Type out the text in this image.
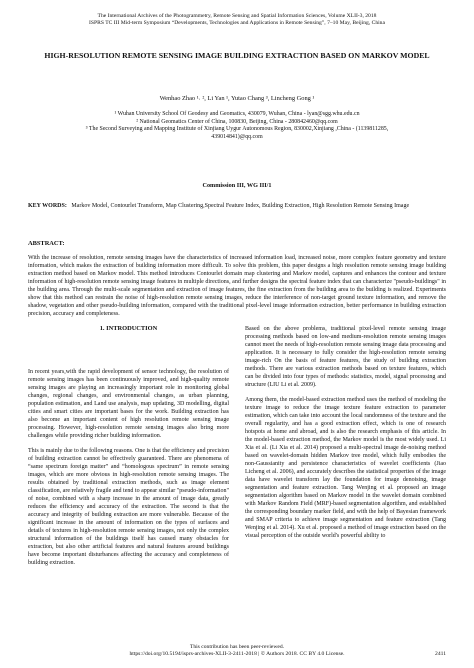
The International Archives of the Photogrammetry, Remote Sensing and Spatial Information Sciences, Volume XLII-3, 2018
ISPRS TC III Mid-term Symposium “Developments, Technologies and Applications in Remote Sensing”, 7–10 May, Beijing, China
HIGH-RESOLUTION REMOTE SENSING IMAGE BUILDING EXTRACTION BASED ON MARKOV MODEL
Wenhao Zhao ¹˒ ², Li Yan ¹, Yutao Chang ³, Lincheng Gong ¹
¹ Wuhan University School Of Geodesy and Geomatics, 430079, Wuhan, China - lyan@sgg.whu.edu.cn
² National Geomatics Center of China, 100830, Beijing, China - 280842460@qq.com
³ The Second Surveying and Mapping Institute of Xinjiang Uygur Autonomous Region, 830002,Xinjiang ,China - (1139811285, 439014841)@qq.com
Commission III, WG III/1
KEY WORDS: Markov Model, Contourlet Transform, Map Clustering,Spectral Feature Index, Building Extraction, High Resolution Remote Sensing Image
ABSTRACT:
With the increase of resolution, remote sensing images have the characteristics of increased information load, increased noise, more complex feature geometry and texture information, which makes the extraction of building information more difficult. To solve this problem, this paper designs a high resolution remote sensing image building extraction method based on Markov model. This method introduces Contourlet domain map clustering and Markov model, captures and enhances the contour and texture information of high-resolution remote sensing image features in multiple directions, and further designs the spectral feature index that can characterize "pseudo-buildings" in the building area. Through the multi-scale segmentation and extraction of image features, the fine extraction from the building area to the building is realized. Experiments show that this method can restrain the noise of high-resolution remote sensing images, reduce the interference of non-target ground texture information, and remove the shadow, vegetation and other pseudo-building information, compared with the traditional pixel-level image information extraction, better performance in building extraction precision, accuracy and completeness.
1. INTRODUCTION

In recent years,with the rapid development of sensor technology, the resolution of remote sensing images has been continuously improved, and high-quality remote sensing images are playing an increasingly important role in monitoring global changes, regional changes, and environmental changes, as urban planning, population estimation, and Land use analysis, map updating, 3D modelling, digital cities and smart cities are important bases for the work. Building extraction has also become an important content of high resolution remote sensing image processing. However, high-resolution remote sensing images also bring more challenges while providing richer building information.

This is mainly due to the following reasons. One is that the efficiency and precision of building extraction cannot be effectively guaranteed. There are phenomena of “same spectrum foreign matter” and “homologous spectrum” in remote sensing images, which are more obvious in high-resolution remote sensing images. The results obtained by traditional extraction methods, such as image element classification, are relatively fragile and tend to appear similar "pseudo-information" of noise, combined with a sharp increase in the amount of image data, greatly reduces the efficiency and accuracy of the extraction. The second is that the accuracy and integrity of building extraction are more vulnerable. Because of the significant increase in the amount of information on the types of surfaces and details of textures in high-resolution remote sensing images, not only the complex structural information of the buildings itself has caused many obstacles for extraction, but also other artificial features and natural features around buildings have become important disturbances affecting the accuracy and completeness of building extraction.

Based on the above problems, traditional pixel-level remote sensing image processing methods based on low-and medium-resolution remote sensing images cannot meet the needs of high-resolution remote sensing image data processing and application. It is necessary to fully consider the high-resolution remote sensing image-rich On the basis of feature features, the study of building extraction methods. There are various extraction methods based on texture features, which can be divided into four types of methods: statistics, model, signal processing and structure (LIU Li et al. 2009).

Among them, the model-based extraction method uses the method of modeling the texture image to reduce the image texture feature extraction to parameter estimation, which can take into account the local randomness of the texture and the overall regularity, and has a good extraction effect, which is one of research hotspots at home and abroad, and is also the research emphasis of this article. In the model-based extraction method, the Markov model is the most widely used. Li Xia et al. (Li Xia et al. 2014) proposed a multi-spectral image de-noising method based on wavelet-domain hidden Markov tree model, which fully embodies the non-Gaussianity and persistence characteristics of wavelet coefficients (Jiao Licheng et al. 2006), and accurately describes the statistical properties of the image data have wavelet transform lay the foundation for image denoising, image segmentation and feature extraction. Tang Wenjing et al. proposed an image segmentation algorithm based on Markov model in the wavelet domain combined with Markov Random Field (MRF)-based segmentation algorithm, and established the corresponding boundary marker field, and with the help of Bayesian framework and SMAP criteria to achieve image segmentation and feature extraction (Tang Wenjing et al. 2014). Xu et al. proposed a method of image extraction based on the visual perception of the outside world's powerful ability to

This contribution has been peer-reviewed.
https://doi.org/10.5194/isprs-archives-XLII-3-2411-2018 | © Authors 2018. CC BY 4.0 License.	2411
